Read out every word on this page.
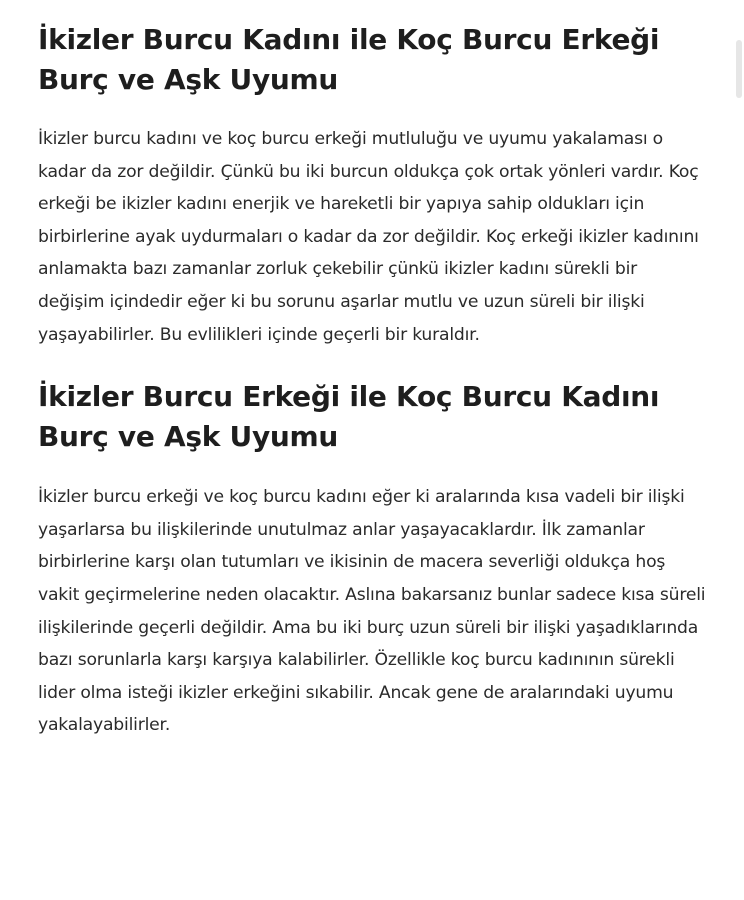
İkizler Burcu Kadını ile Koç Burcu Erkeği Burç ve Aşk Uyumu

İkizler burcu kadını ve koç burcu erkeği mutluluğu ve uyumu yakalaması o kadar da zor değildir. Çünkü bu iki burcun oldukça çok ortak yönleri vardır. Koç erkeği be ikizler kadını enerjik ve hareketli bir yapıya sahip oldukları için birbirlerine ayak uydurmaları o kadar da zor değildir. Koç erkeği ikizler kadınını anlamakta bazı zamanlar zorluk çekebilir çünkü ikizler kadını sürekli bir değişim içindedir eğer ki bu sorunu aşarlar mutlu ve uzun süreli bir ilişki yaşayabilirler. Bu evlilikleri içinde geçerli bir kuraldır.

İkizler Burcu Erkeği ile Koç Burcu Kadını Burç ve Aşk Uyumu

İkizler burcu erkeği ve koç burcu kadını eğer ki aralarında kısa vadeli bir ilişki yaşarlarsa bu ilişkilerinde unutulmaz anlar yaşayacaklardır. İlk zamanlar birbirlerine karşı olan tutumları ve ikisinin de macera severliği oldukça hoş vakit geçirmelerine neden olacaktır. Aslına bakarsanız bunlar sadece kısa süreli ilişkilerinde geçerli değildir. Ama bu iki burç uzun süreli bir ilişki yaşadıklarında bazı sorunlarla karşı karşıya kalabilirler. Özellikle koç burcu kadınının sürekli lider olma isteği ikizler erkeğini sıkabilir. Ancak gene de aralarındaki uyumu yakalayabilirler.
